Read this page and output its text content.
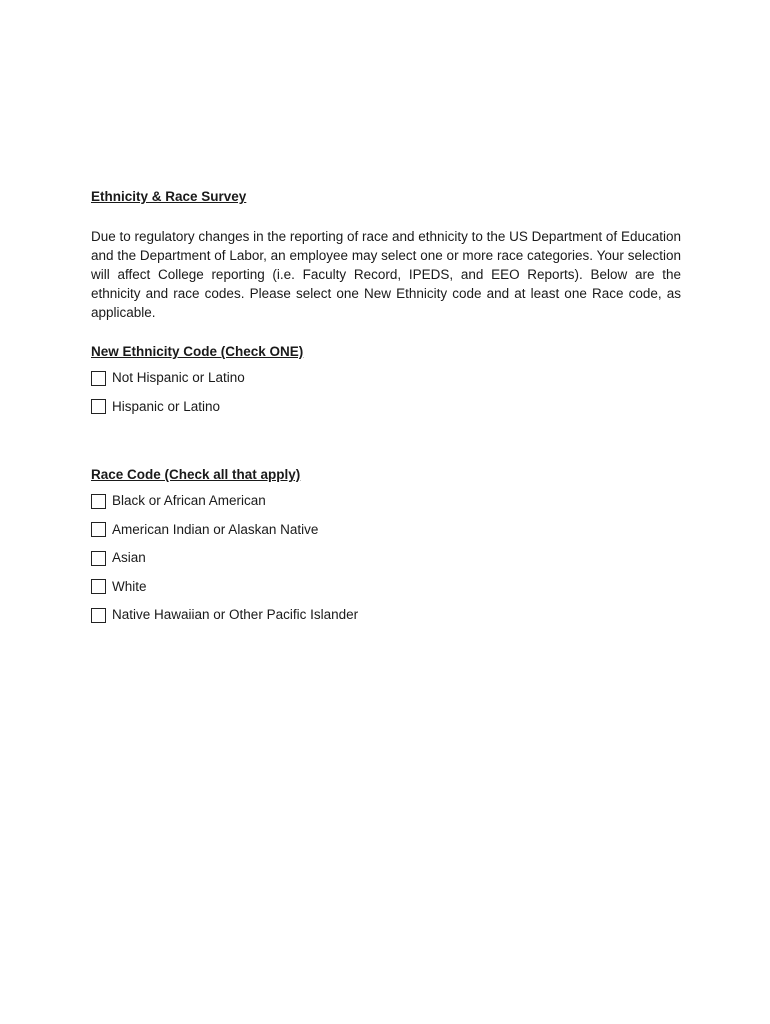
Ethnicity & Race Survey

Due to regulatory changes in the reporting of race and ethnicity to the US Department of Education and the Department of Labor, an employee may select one or more race categories. Your selection will affect College reporting (i.e. Faculty Record, IPEDS, and EEO Reports). Below are the ethnicity and race codes. Please select one New Ethnicity code and at least one Race code, as applicable.

New Ethnicity Code (Check ONE)
Not Hispanic or Latino
Hispanic or Latino
Race Code (Check all that apply)
Black or African American
American Indian or Alaskan Native
Asian
White
Native Hawaiian or Other Pacific Islander
